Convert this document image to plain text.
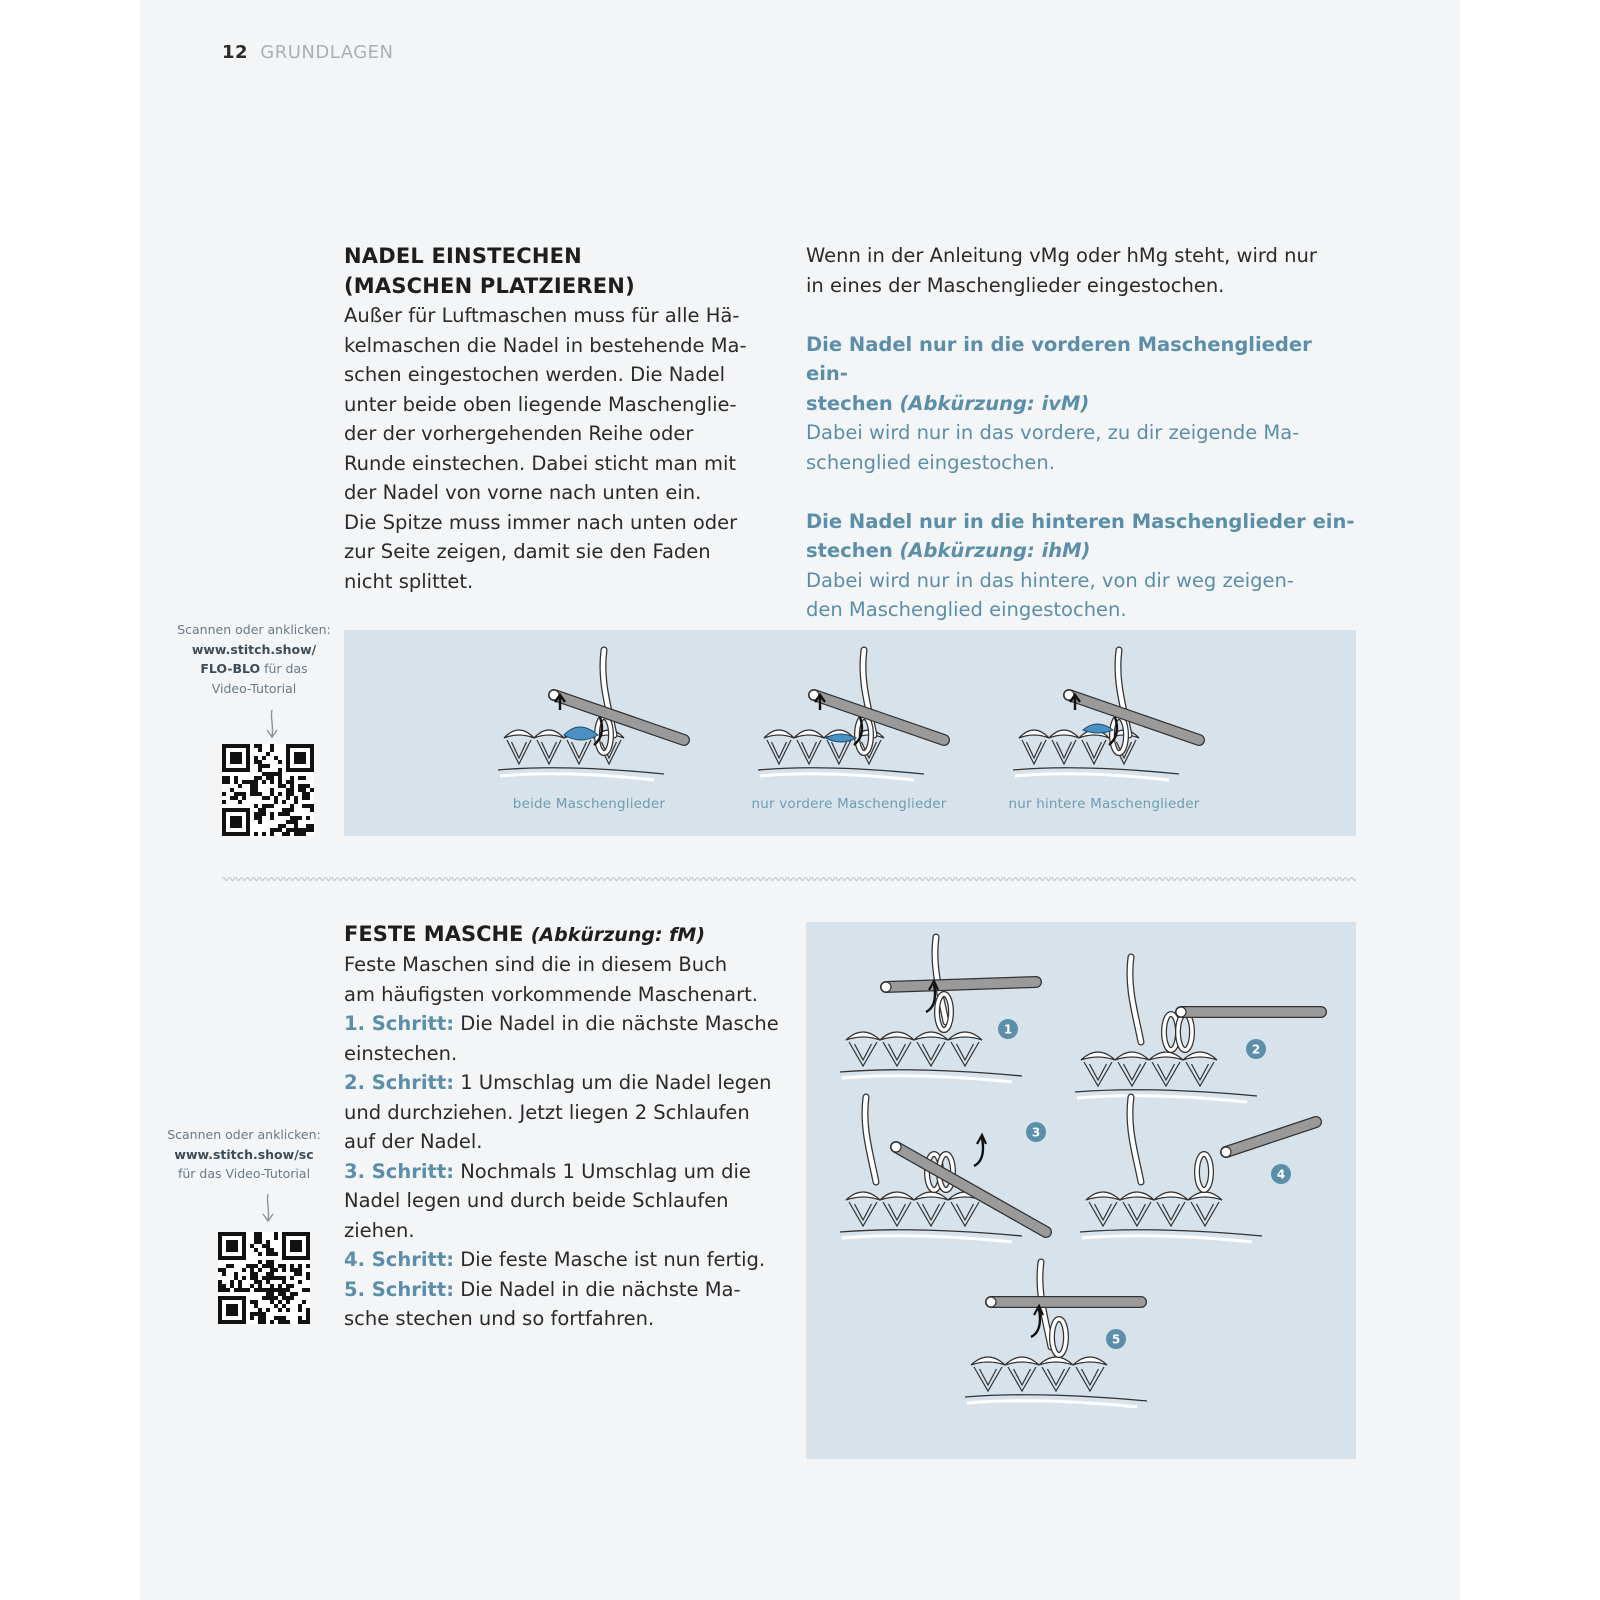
12 GRUNDLAGEN
NADEL EINSTECHEN
(MASCHEN PLATZIEREN)
Außer für Luftmaschen muss für alle Hä-
kelmaschen die Nadel in bestehende Ma-
schen eingestochen werden. Die Nadel
unter beide oben liegende Maschenglie-
der der vorhergehenden Reihe oder
Runde einstechen. Dabei sticht man mit
der Nadel von vorne nach unten ein.
Die Spitze muss immer nach unten oder
zur Seite zeigen, damit sie den Faden
nicht splittet.
Wenn in der Anleitung vMg oder hMg steht, wird nur
in eines der Maschenglieder eingestochen.
Die Nadel nur in die vorderen Maschenglieder ein-
stechen (Abkürzung: ivM)
Dabei wird nur in das vordere, zu dir zeigende Ma-
schenglied eingestochen.
Die Nadel nur in die hinteren Maschenglieder ein-
stechen (Abkürzung: ihM)
Dabei wird nur in das hintere, von dir weg zeigen-
den Maschenglied eingestochen.
Scannen oder anklicken:
www.stitch.show/
FLO-BLO für das
Video-Tutorial
beide Maschenglieder	nur vordere Maschenglieder	nur hintere Maschenglieder
FESTE MASCHE (Abkürzung: fM)
Feste Maschen sind die in diesem Buch
am häufigsten vorkommende Maschenart.
1. Schritt: Die Nadel in die nächste Masche
einstechen.
2. Schritt: 1 Umschlag um die Nadel legen
und durchziehen. Jetzt liegen 2 Schlaufen
auf der Nadel.
3. Schritt: Nochmals 1 Umschlag um die
Nadel legen und durch beide Schlaufen
ziehen.
4. Schritt: Die feste Masche ist nun fertig.
5. Schritt: Die Nadel in die nächste Ma-
sche stechen und so fortfahren.
Scannen oder anklicken:
www.stitch.show/sc
für das Video-Tutorial
1
2
3
4
5
